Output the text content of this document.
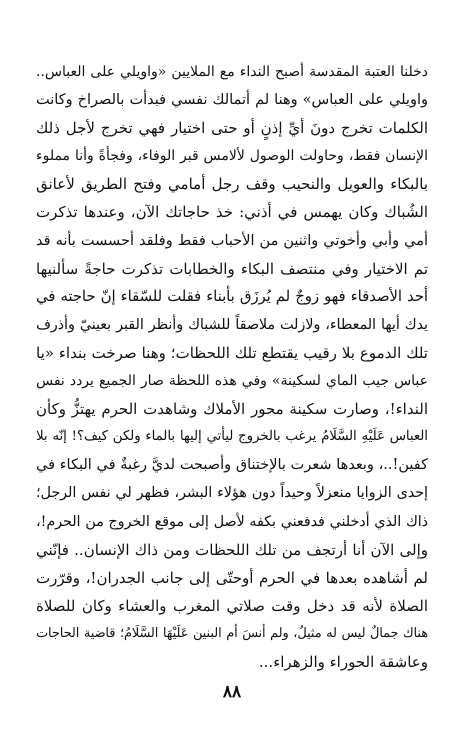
دخلنا العتبة المقدسة أصبح النداء مع الملايين «واويلي على العباس..
واويلي على العباس» وهنا لم أتمالك نفسي فبدأت بالصراخ وكانت
الكلمات تخرج دونَ أيِّ إذنٍ أو حتى اختيار فهي تخرج لأجل ذلك
الإنسان فقط، وحاولت الوصول لألامس قبر الوفاء، وفجأةً وأنا مملوء
بالبكاء والعويل والنحيب وقف رجل أمامي وفتح الطريق لأعانق
الشُباك وكان يهمس في أذني: خذ حاجاتك الآن، وعندها تذكرت
أمي وأبي وأخوتي واثنين من الأحباب فقط وفلقد أحسست بأنه قد
تم الاختيار وفي منتصف البكاء والخطابات تذكرت حاجةً سألنيها
أحد الأصدقاء فهو زوجٌ لم يُرزَق بأبناء فقلت للسّقاء إنّ حاجته في
يدك أيها المعطاء، ولازلت ملاصقاً للشباك وأنظر القبر بعينيّ وأذرف
تلك الدموع بلا رقيب يقتطع تلك اللحظات؛ وهنا صرخت بنداء «يا
عباس جيب الماي لسكينة» وفي هذه اللحظة صار الجميع يردد نفس
النداء!، وصارت سكينة محور الأملاك وشاهدت الحرم يهتزُّ وكأن
العباس عَلَيْهِ السَّلَامُ يرغب بالخروج ليأتي إليها بالماء ولكن كيف؟! إنّه بلا
كفين!..، وبعدها شعرت بالإختناق وأصبحت لديَّ رغبةٌ في البكاء في
إحدى الزوايا منعزلاً وحيداً دون هؤلاء البشر، فظهر لي نفس الرجل؛
ذاك الذي أدخلني فدفعني بكفه لأصل إلى موقع الخروج من الحرم!،
وإلى الآن أنا أرتجف من تلك اللحظات ومن ذاك الإنسان.. فإنّني
لم أشاهده بعدها في الحرم أوحتّى إلى جانب الجدران!، وقرّرت
الصلاة لأنه قد دخل وقت صلاتي المغرب والعشاء وكان للصلاة
هناك جمالٌ ليس له مثيلٌ، ولم أنسَ أم البنين عَلَيْهَا السَّلَامُ؛ قاضية الحاجات
وعاشقة الحوراء والزهراء...
٨٨
